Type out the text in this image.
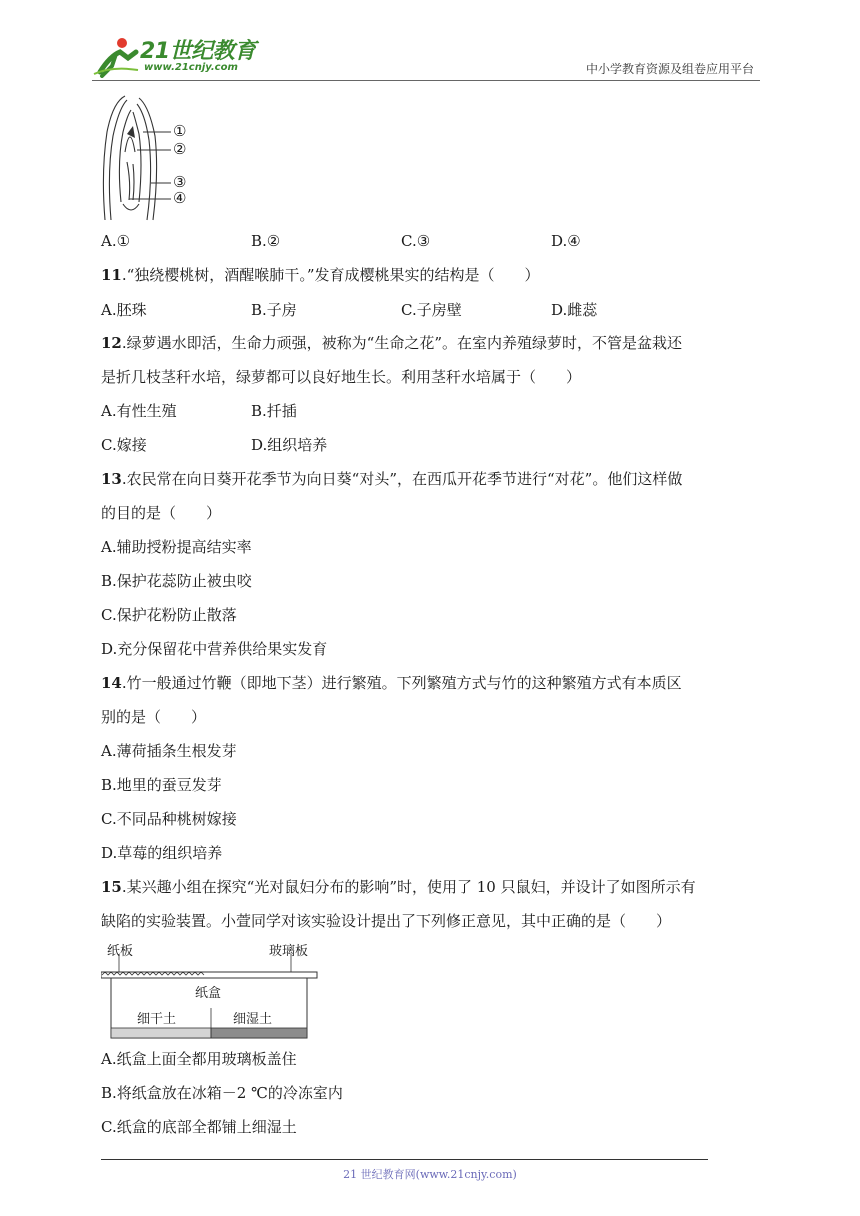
21世纪教育
www.21cnjy.com	中小学教育资源及组卷应用平台
①
②
③
④
A.①	B.②	C.③	D.④
11.“独绕樱桃树，酒醒喉肺干。”发育成樱桃果实的结构是（　　）
A.胚珠	B.子房	C.子房壁	D.雌蕊
12.绿萝遇水即活，生命力顽强，被称为“生命之花”。在室内养殖绿萝时，不管是盆栽还
是折几枝茎秆水培，绿萝都可以良好地生长。利用茎秆水培属于（　　）
A.有性生殖	B.扦插
C.嫁接	D.组织培养
13.农民常在向日葵开花季节为向日葵“对头”，在西瓜开花季节进行“对花”。他们这样做
的目的是（　　）
A.辅助授粉提高结实率
B.保护花蕊防止被虫咬
C.保护花粉防止散落
D.充分保留花中营养供给果实发育
14.竹一般通过竹鞭（即地下茎）进行繁殖。下列繁殖方式与竹的这种繁殖方式有本质区
别的是（　　）
A.薄荷插条生根发芽
B.地里的蚕豆发芽
C.不同品种桃树嫁接
D.草莓的组织培养
15.某兴趣小组在探究“光对鼠妇分布的影响”时，使用了 10 只鼠妇，并设计了如图所示有
缺陷的实验装置。小萱同学对该实验设计提出了下列修正意见，其中正确的是（　　）
纸板	玻璃板
纸盒
细干土	细湿土
A.纸盒上面全都用玻璃板盖住
B.将纸盒放在冰箱－2 ℃的冷冻室内
C.纸盒的底部全都铺上细湿土
21 世纪教育网(www.21cnjy.com)
